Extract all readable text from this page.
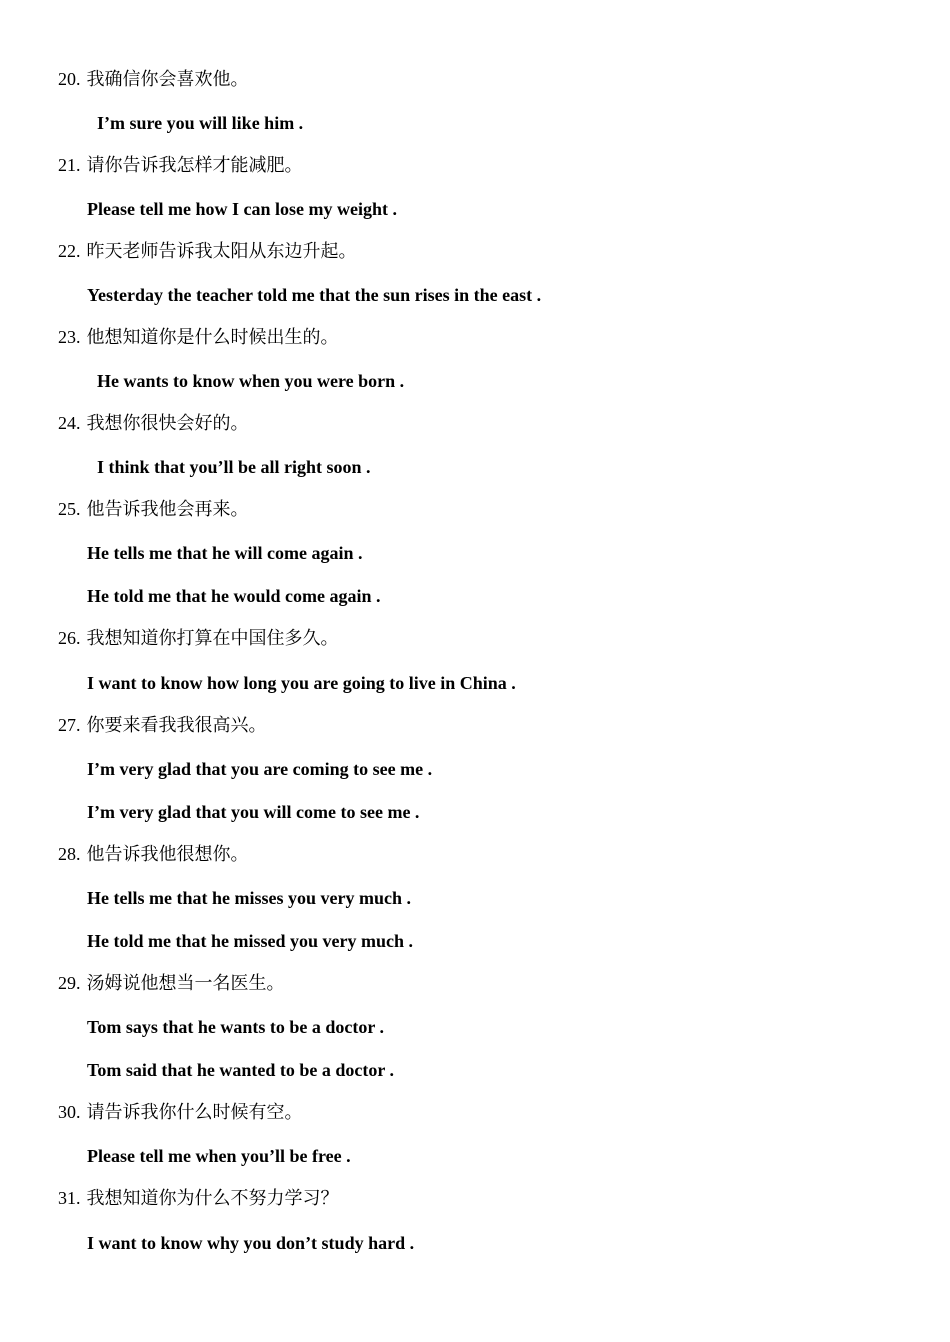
20. 我确信你会喜欢他。
I’m sure you will like him .
21. 请你告诉我怎样才能减肥。
Please tell me how I can lose my weight .
22. 昨天老师告诉我太阳从东边升起。
Yesterday the teacher told me that the sun rises in the east .
23. 他想知道你是什么时候出生的。
He wants to know when you were born .
24. 我想你很快会好的。
I think that you’ll be all right soon .
25. 他告诉我他会再来。
He tells me that he will come again .
He told me that he would come again .
26. 我想知道你打算在中国住多久。
I want to know how long you are going to live in China .
27. 你要来看我我很高兴。
I’m very glad that you are coming to see me .
I’m very glad that you will come to see me .
28. 他告诉我他很想你。
He tells me that he misses you very much .
He told me that he missed you very much .
29. 汤姆说他想当一名医生。
Tom says that he wants to be a doctor .
Tom said that he wanted to be a doctor .
30. 请告诉我你什么时候有空。
Please tell me when you’ll be free .
31. 我想知道你为什么不努力学习？
I want to know why you don’t study hard .
